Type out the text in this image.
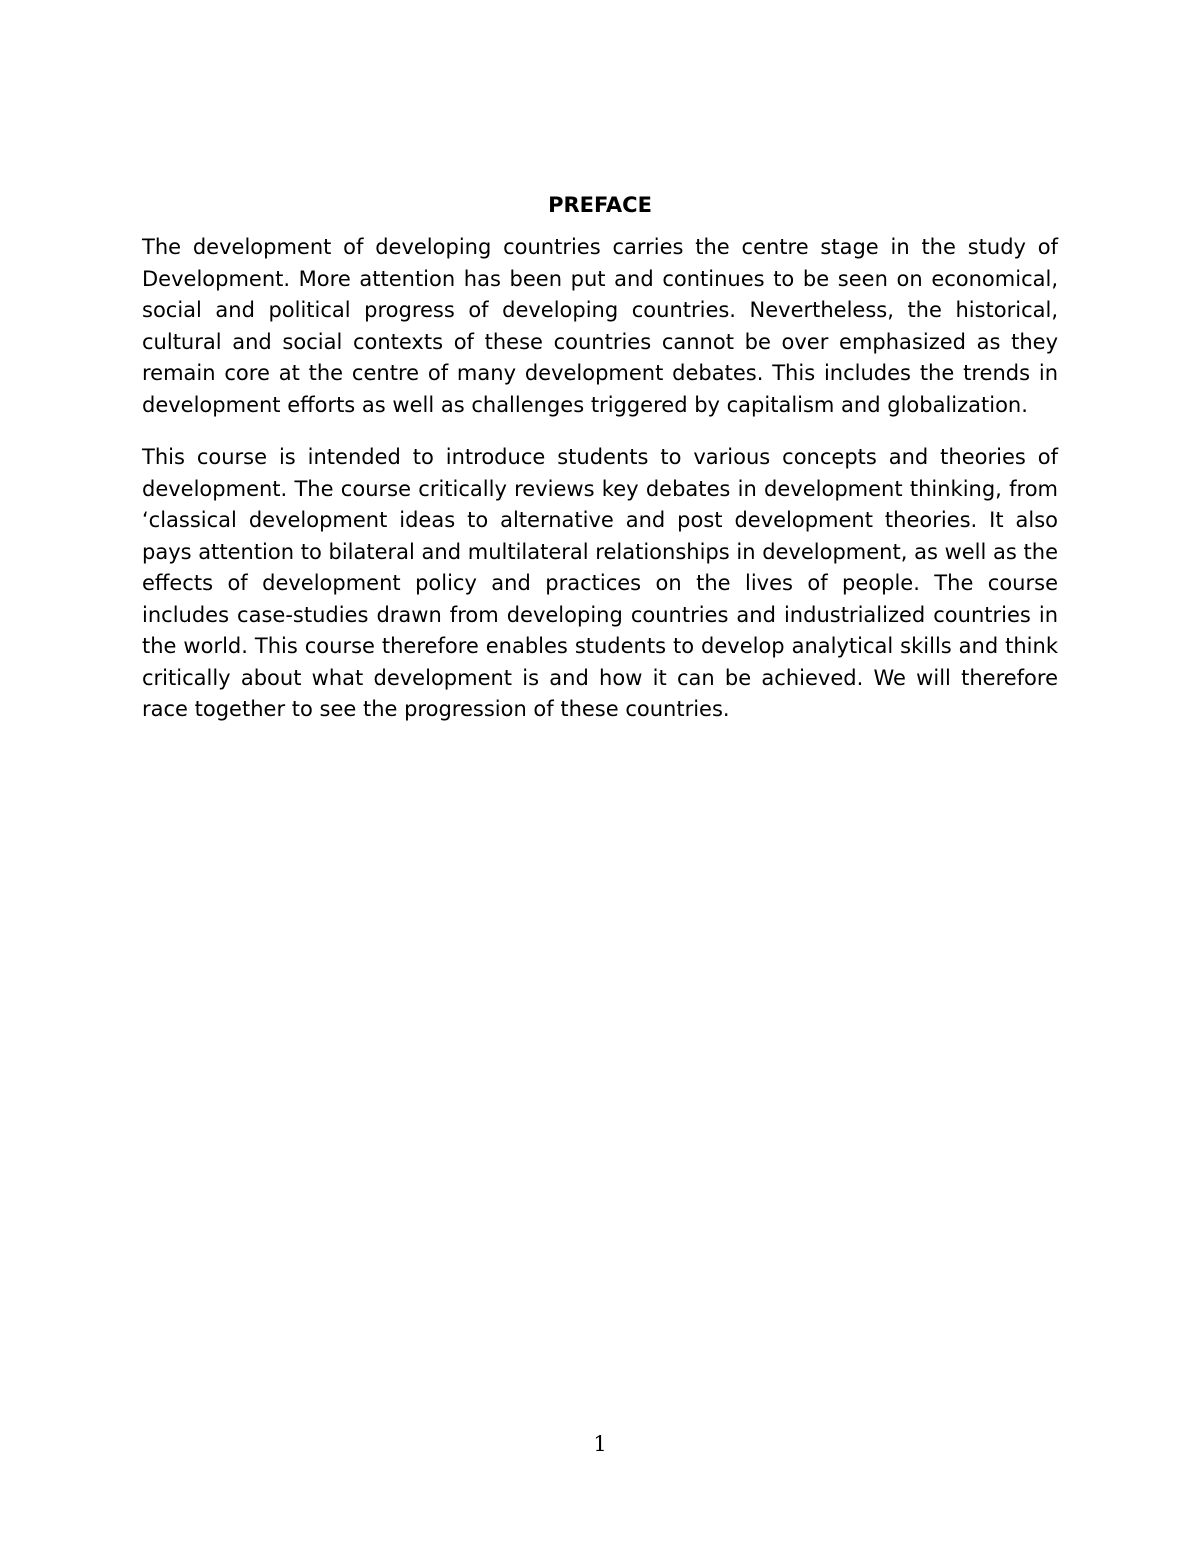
PREFACE

The development of developing countries carries the centre stage in the study of Development. More attention has been put and continues to be seen on economical, social and political progress of developing countries. Nevertheless, the historical, cultural and social contexts of these countries cannot be over emphasized as they remain core at the centre of many development debates. This includes the trends in development efforts as well as challenges triggered by capitalism and globalization.

This course is intended to introduce students to various concepts and theories of development. The course critically reviews key debates in development thinking, from ‘classical development ideas to alternative and post development theories. It also pays attention to bilateral and multilateral relationships in development, as well as the effects of development policy and practices on the lives of people. The course includes case-studies drawn from developing countries and industrialized countries in the world. This course therefore enables students to develop analytical skills and think critically about what development is and how it can be achieved. We will therefore race together to see the progression of these countries.

1
